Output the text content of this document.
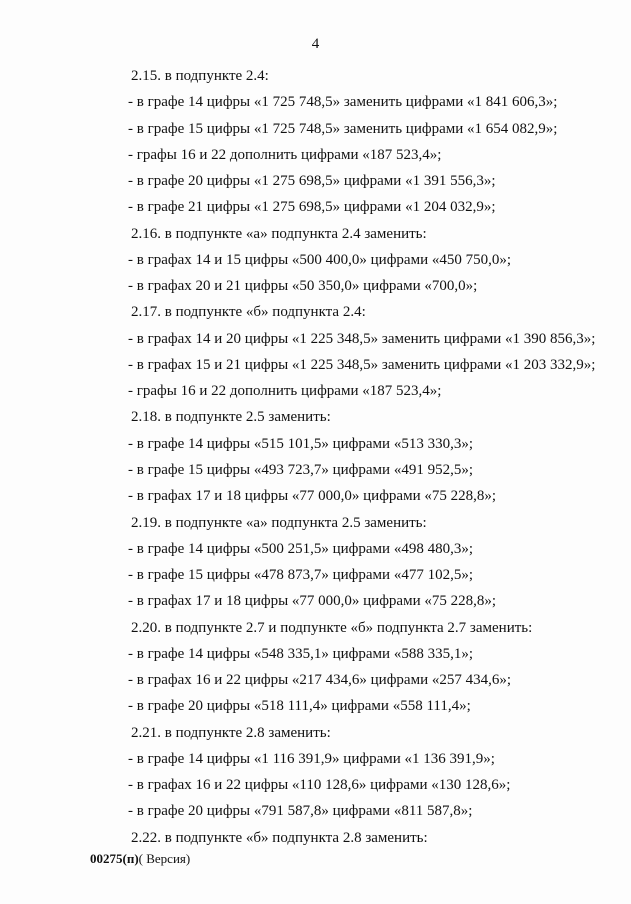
4
2.15. в подпункте 2.4:
- в графе 14 цифры «1 725 748,5» заменить цифрами «1 841 606,3»;
- в графе 15 цифры «1 725 748,5» заменить цифрами «1 654 082,9»;
- графы 16 и 22 дополнить цифрами «187 523,4»;
- в графе 20 цифры «1 275 698,5» цифрами «1 391 556,3»;
- в графе 21 цифры «1 275 698,5» цифрами «1 204 032,9»;
2.16. в подпункте «а» подпункта 2.4 заменить:
- в графах 14 и 15 цифры «500 400,0» цифрами «450 750,0»;
- в графах 20 и 21 цифры «50 350,0» цифрами «700,0»;
2.17. в подпункте «б» подпункта 2.4:
- в графах 14 и 20 цифры «1 225 348,5» заменить цифрами «1 390 856,3»;
- в графах 15 и 21 цифры «1 225 348,5» заменить цифрами «1 203 332,9»;
- графы 16 и 22 дополнить цифрами «187 523,4»;
2.18. в подпункте 2.5 заменить:
- в графе 14 цифры «515 101,5» цифрами «513 330,3»;
- в графе 15 цифры «493 723,7» цифрами «491 952,5»;
- в графах 17 и 18 цифры «77 000,0» цифрами «75 228,8»;
2.19. в подпункте «а» подпункта 2.5 заменить:
- в графе 14 цифры «500 251,5» цифрами «498 480,3»;
- в графе 15 цифры «478 873,7» цифрами «477 102,5»;
- в графах 17 и 18 цифры «77 000,0» цифрами «75 228,8»;
2.20. в подпункте 2.7 и подпункте «б» подпункта 2.7 заменить:
- в графе 14 цифры «548 335,1» цифрами «588 335,1»;
- в графах 16 и 22 цифры «217 434,6» цифрами «257 434,6»;
- в графе 20 цифры «518 111,4» цифрами «558 111,4»;
2.21. в подпункте 2.8 заменить:
- в графе 14 цифры «1 116 391,9» цифрами «1 136 391,9»;
- в графах 16 и 22 цифры «110 128,6» цифрами «130 128,6»;
- в графе 20 цифры «791 587,8» цифрами «811 587,8»;
2.22. в подпункте «б» подпункта 2.8 заменить:
00275(п)( Версия)
